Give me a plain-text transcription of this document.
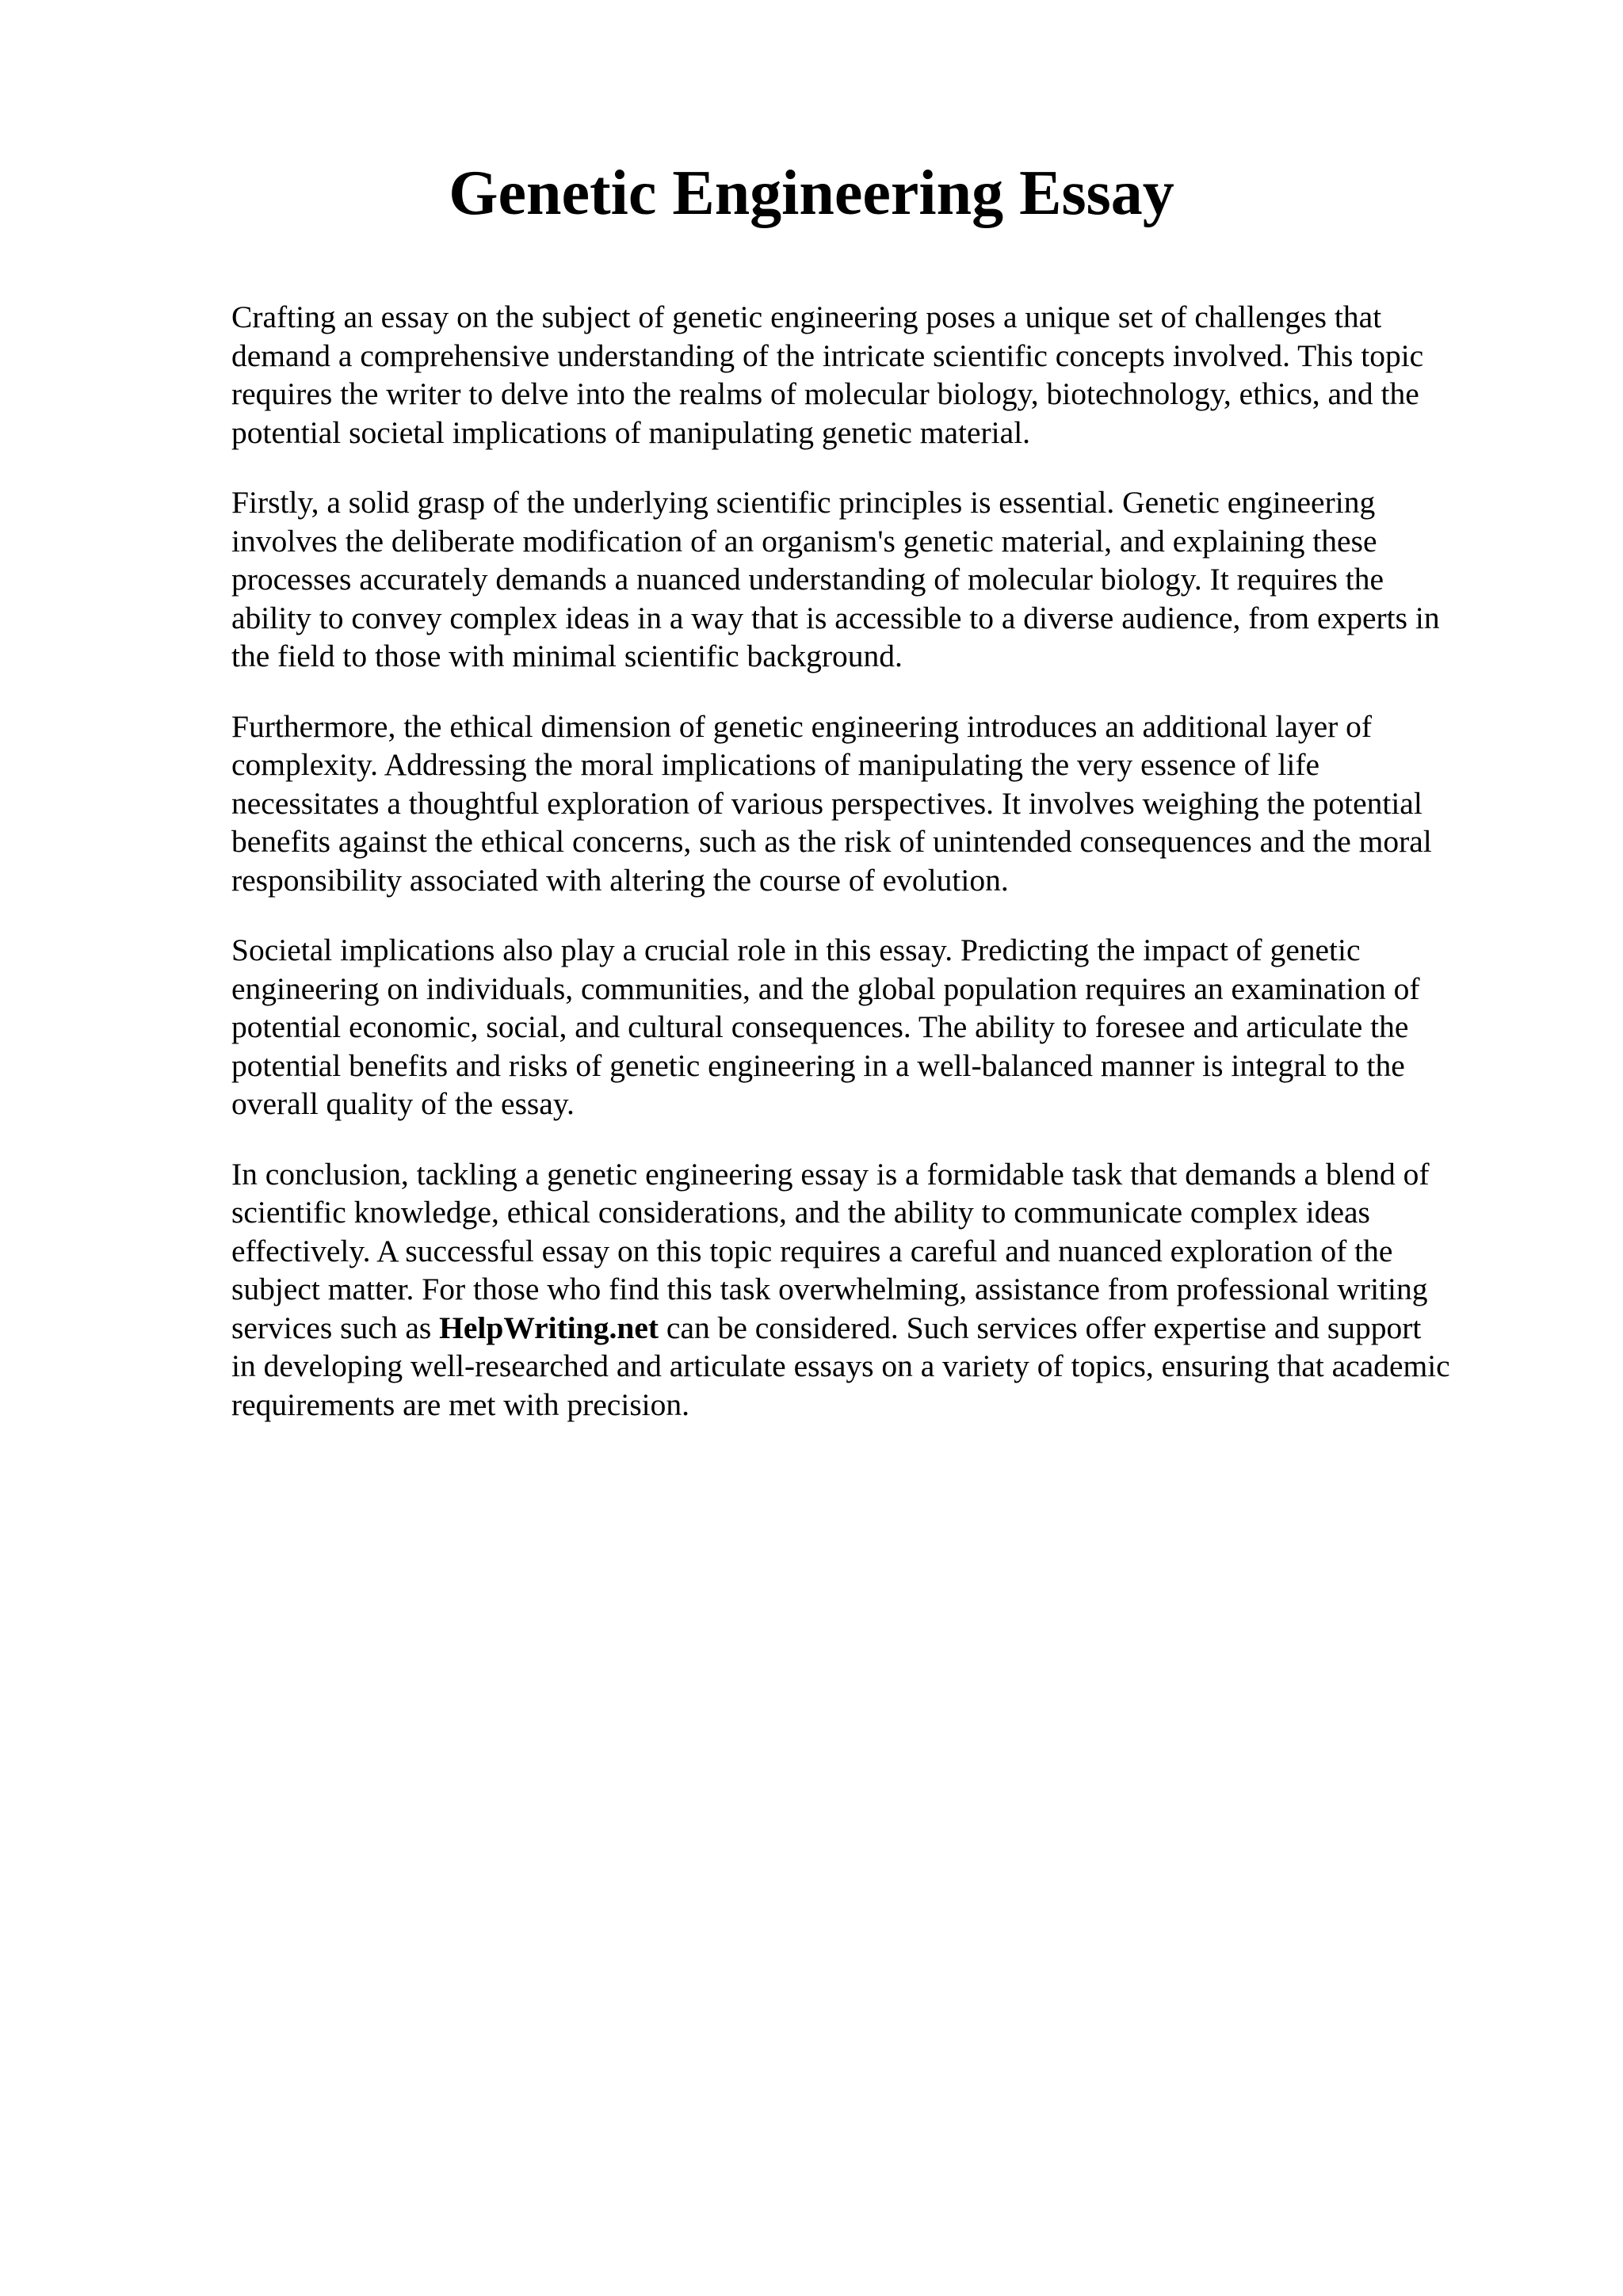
Genetic Engineering Essay

Crafting an essay on the subject of genetic engineering poses a unique set of challenges that
demand a comprehensive understanding of the intricate scientific concepts involved. This topic
requires the writer to delve into the realms of molecular biology, biotechnology, ethics, and the
potential societal implications of manipulating genetic material.

Firstly, a solid grasp of the underlying scientific principles is essential. Genetic engineering
involves the deliberate modification of an organism's genetic material, and explaining these
processes accurately demands a nuanced understanding of molecular biology. It requires the
ability to convey complex ideas in a way that is accessible to a diverse audience, from experts in
the field to those with minimal scientific background.

Furthermore, the ethical dimension of genetic engineering introduces an additional layer of
complexity. Addressing the moral implications of manipulating the very essence of life
necessitates a thoughtful exploration of various perspectives. It involves weighing the potential
benefits against the ethical concerns, such as the risk of unintended consequences and the moral
responsibility associated with altering the course of evolution.

Societal implications also play a crucial role in this essay. Predicting the impact of genetic
engineering on individuals, communities, and the global population requires an examination of
potential economic, social, and cultural consequences. The ability to foresee and articulate the
potential benefits and risks of genetic engineering in a well-balanced manner is integral to the
overall quality of the essay.

In conclusion, tackling a genetic engineering essay is a formidable task that demands a blend of
scientific knowledge, ethical considerations, and the ability to communicate complex ideas
effectively. A successful essay on this topic requires a careful and nuanced exploration of the
subject matter. For those who find this task overwhelming, assistance from professional writing
services such as HelpWriting.net can be considered. Such services offer expertise and support
in developing well-researched and articulate essays on a variety of topics, ensuring that academic
requirements are met with precision.
